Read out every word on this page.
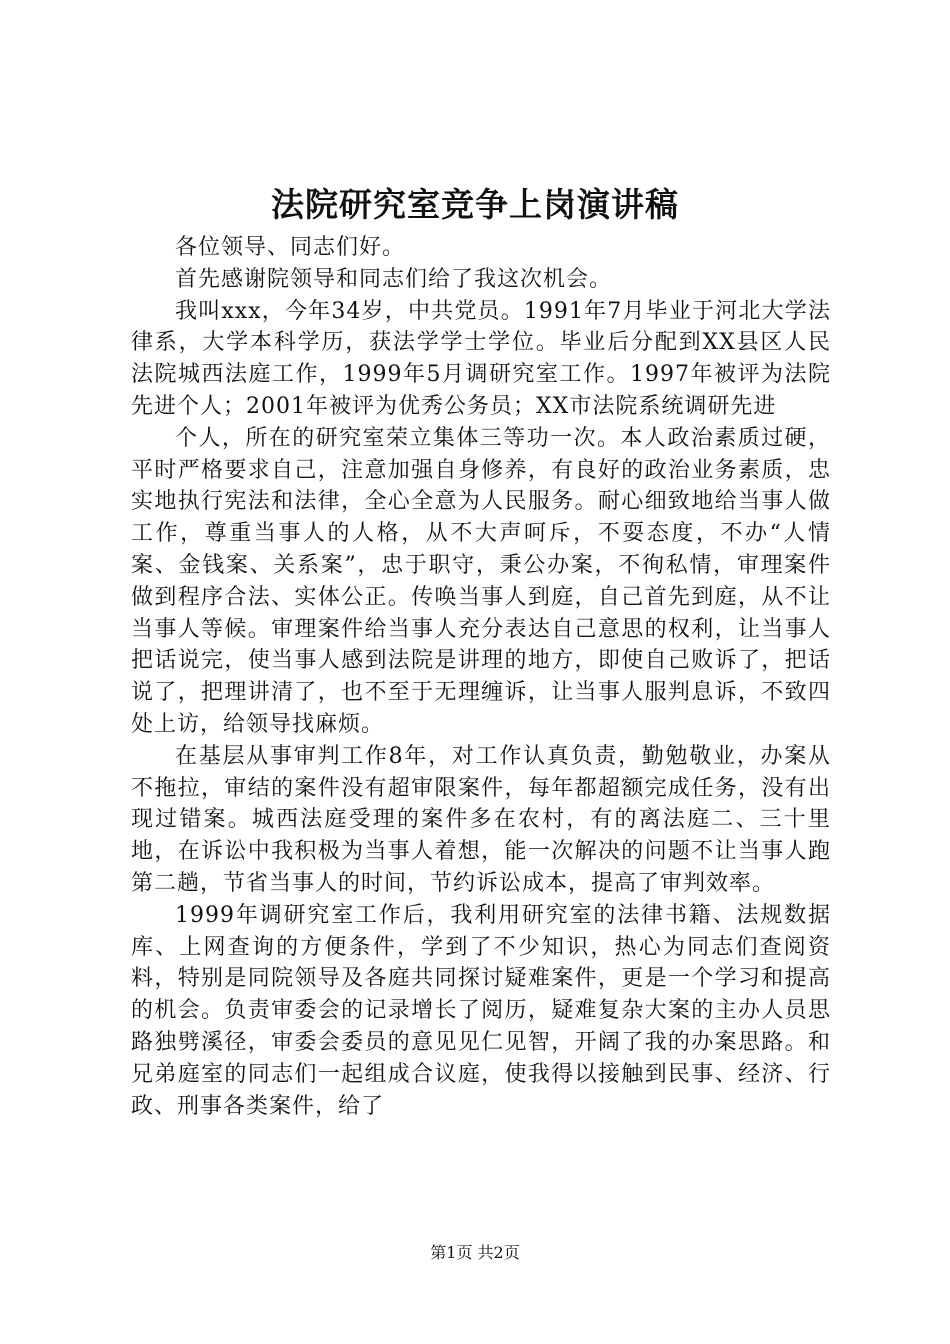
法院研究室竞争上岗演讲稿

各位领导、同志们好。

首先感谢院领导和同志们给了我这次机会。

我叫xxx，今年34岁，中共党员。1991年7月毕业于河北大学法律系，大学本科学历，获法学学士学位。毕业后分配到XX县区人民法院城西法庭工作，1999年5月调研究室工作。1997年被评为法院先进个人；2001年被评为优秀公务员；XX市法院系统调研先进

个人，所在的研究室荣立集体三等功一次。本人政治素质过硬，平时严格要求自己，注意加强自身修养，有良好的政治业务素质，忠实地执行宪法和法律，全心全意为人民服务。耐心细致地给当事人做工作，尊重当事人的人格，从不大声呵斥，不耍态度，不办“人情案、金钱案、关系案”，忠于职守，秉公办案，不徇私情，审理案件做到程序合法、实体公正。传唤当事人到庭，自己首先到庭，从不让当事人等候。审理案件给当事人充分表达自己意思的权利，让当事人把话说完，使当事人感到法院是讲理的地方，即使自己败诉了，把话说了，把理讲清了，也不至于无理缠诉，让当事人服判息诉，不致四处上访，给领导找麻烦。

在基层从事审判工作8年，对工作认真负责，勤勉敬业，办案从不拖拉，审结的案件没有超审限案件，每年都超额完成任务，没有出现过错案。城西法庭受理的案件多在农村，有的离法庭二、三十里地，在诉讼中我积极为当事人着想，能一次解决的问题不让当事人跑第二趟，节省当事人的时间，节约诉讼成本，提高了审判效率。

1999年调研究室工作后，我利用研究室的法律书籍、法规数据库、上网查询的方便条件，学到了不少知识，热心为同志们查阅资料，特别是同院领导及各庭共同探讨疑难案件，更是一个学习和提高的机会。负责审委会的记录增长了阅历，疑难复杂大案的主办人员思路独劈溪径，审委会委员的意见见仁见智，开阔了我的办案思路。和兄弟庭室的同志们一起组成合议庭，使我得以接触到民事、经济、行政、刑事各类案件，给了

第1页 共2页
